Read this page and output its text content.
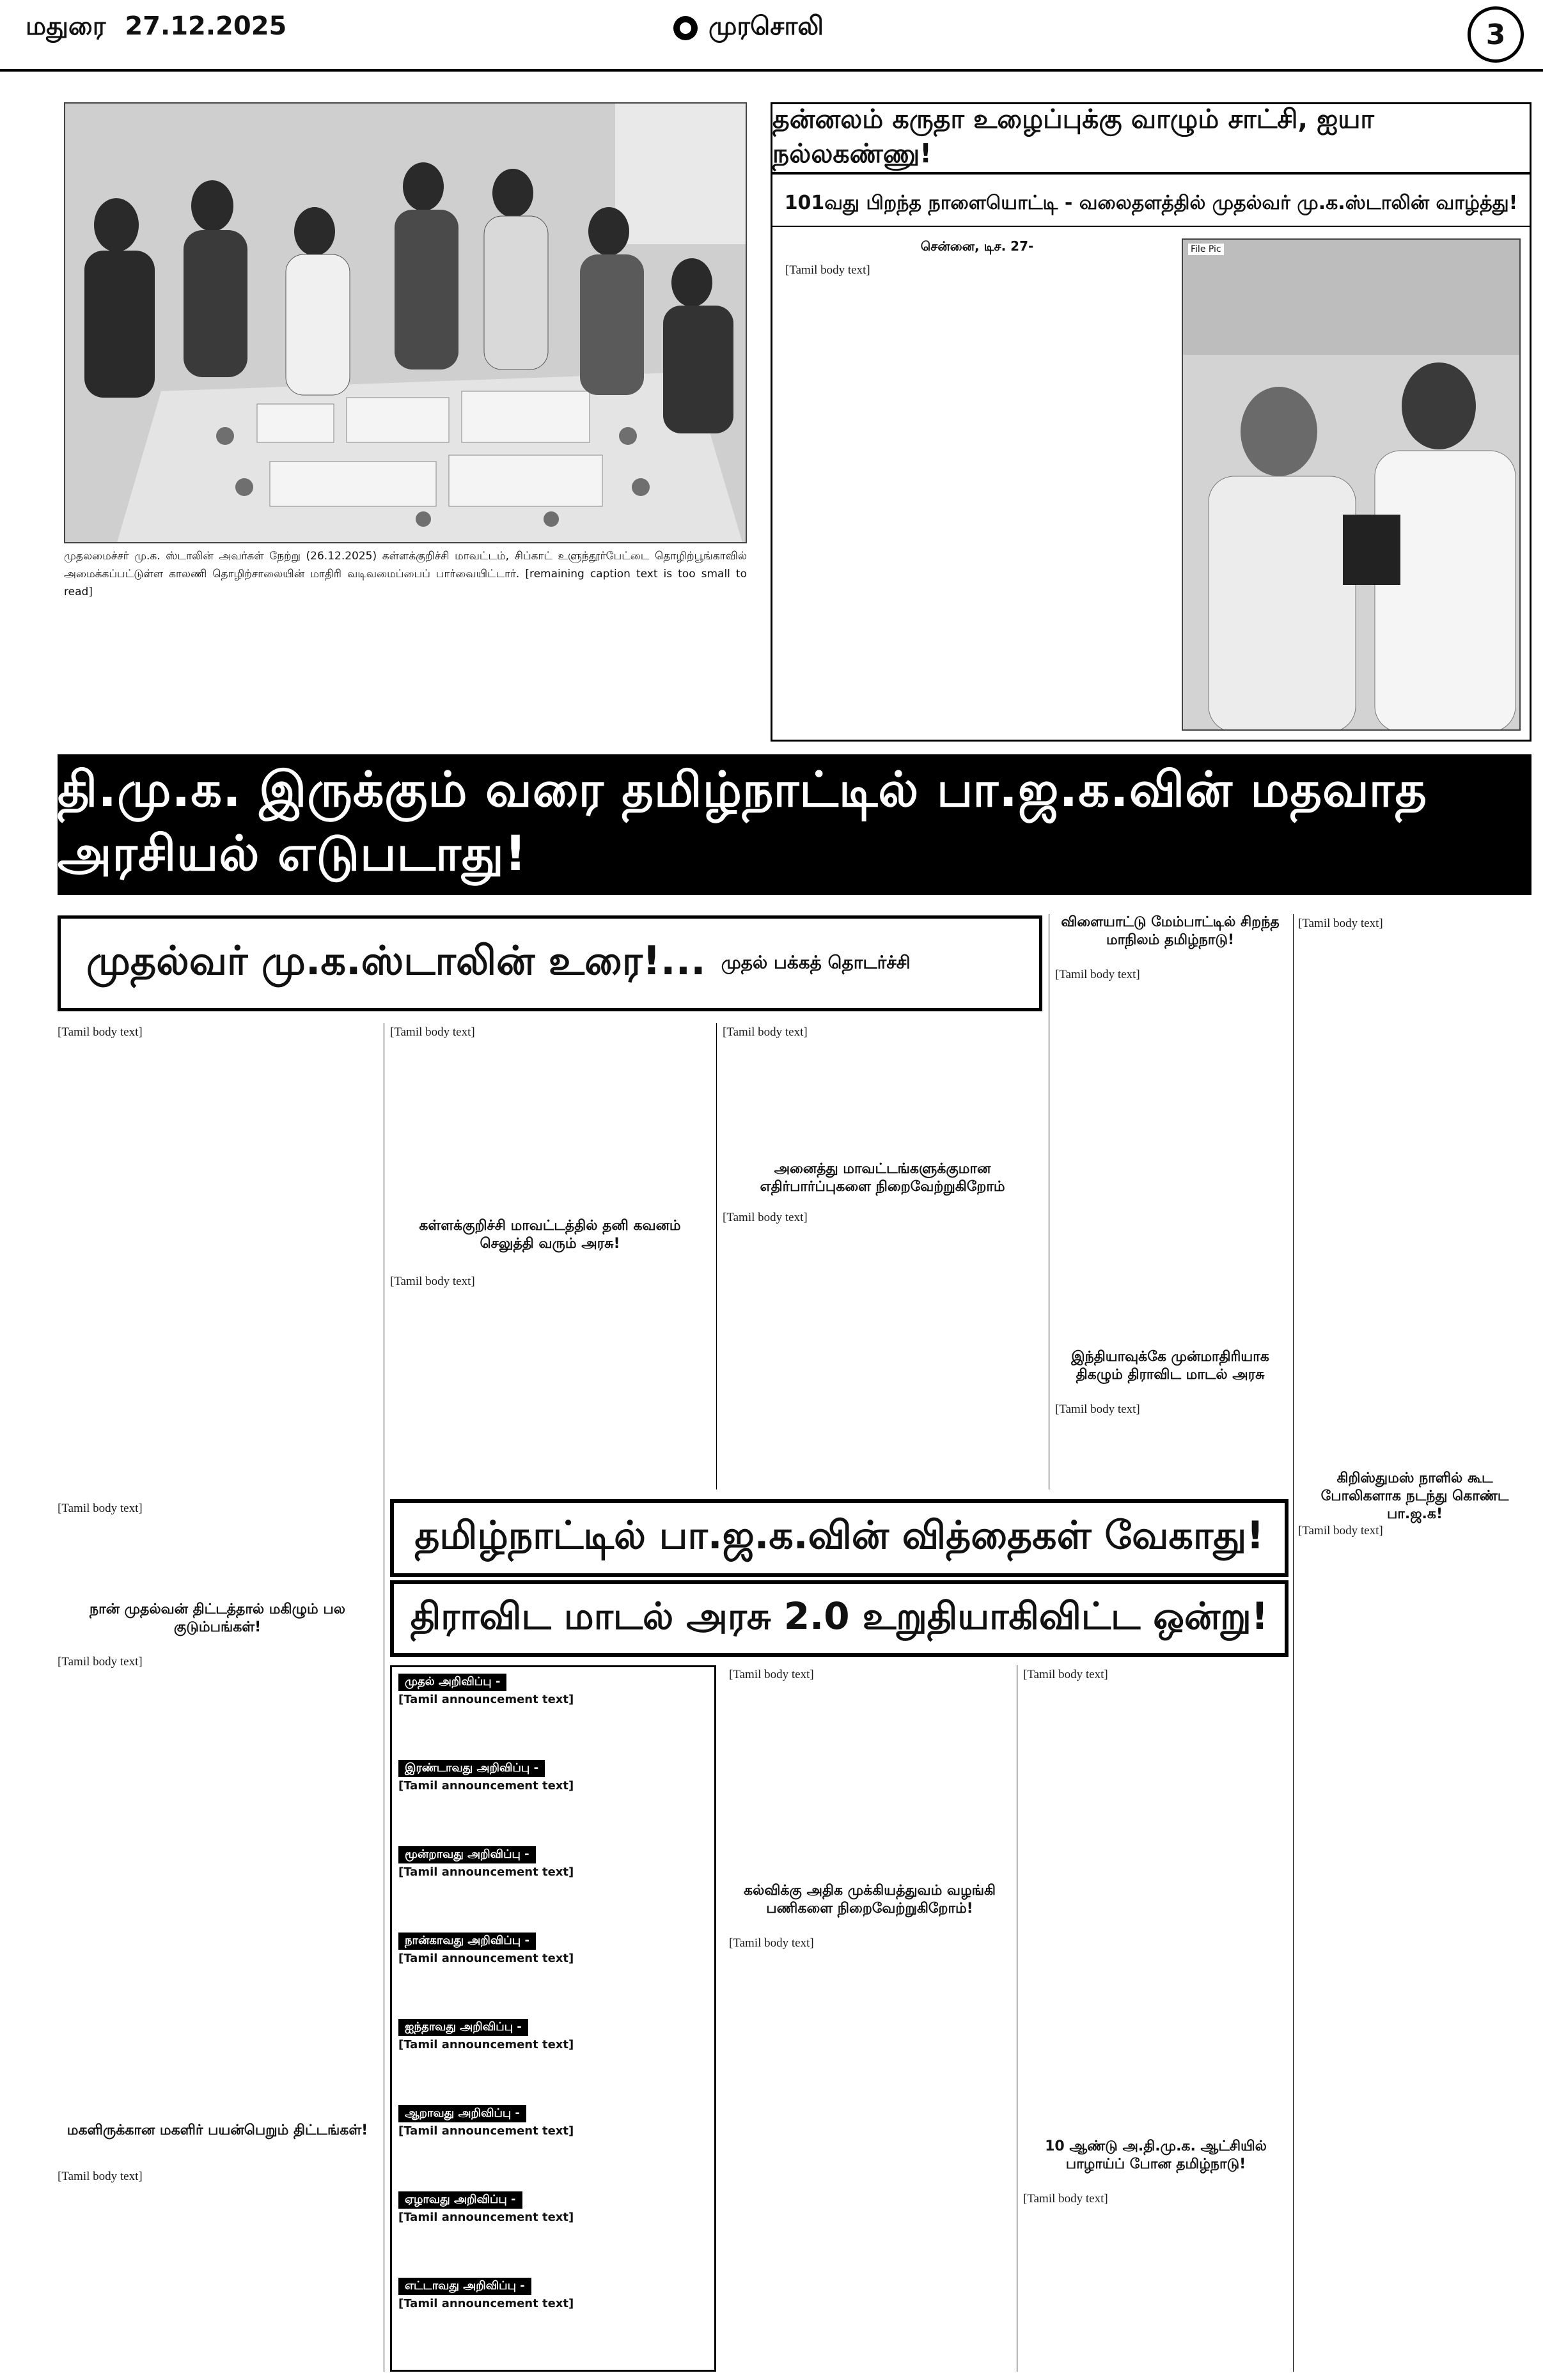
மதுரை 27.12.2025	முரசொலி	3
முதலமைச்சர் மு.க. ஸ்டாலின் அவர்கள் நேற்று (26.12.2025) கள்ளக்குறிச்சி மாவட்டம், சிப்காட் உளுந்தூர்பேட்டை தொழிற்பூங்காவில் அமைக்கப்பட்டுள்ள காலணி தொழிற்சாலையின் மாதிரி வடிவமைப்பைப் பார்வையிட்டார். [remaining caption text is too small to read]
தன்னலம் கருதா உழைப்புக்கு வாழும் சாட்சி, ஐயா நல்லகண்ணு!
101வது பிறந்த நாளையொட்டி - வலைதளத்தில் முதல்வர் மு.க.ஸ்டாலின் வாழ்த்து!
சென்னை, டிச. 27-
[Tamil body text]
File Pic
தி.மு.க. இருக்கும் வரை தமிழ்நாட்டில் பா.ஜ.க.வின் மதவாத அரசியல் எடுபடாது!
முதல்வர் மு.க.ஸ்டாலின் உரை!... முதல் பக்கத் தொடர்ச்சி
[Tamil body text]	[Tamil body text]
கள்ளக்குறிச்சி மாவட்டத்தில் தனி கவனம் செலுத்தி வரும் அரசு!
[Tamil body text]
[Tamil body text]
அனைத்து மாவட்டங்களுக்குமான எதிர்பார்ப்புகளை நிறைவேற்றுகிறோம்
[Tamil body text]
விளையாட்டு மேம்பாட்டில் சிறந்த மாநிலம் தமிழ்நாடு!
[Tamil body text]
இந்தியாவுக்கே முன்மாதிரியாக திகழும் திராவிட மாடல் அரசு
[Tamil body text]
[Tamil body text]
தமிழ்நாட்டில் பா.ஜ.க.வின் வித்தைகள் வேகாது!
திராவிட மாடல் அரசு 2.0 உறுதியாகிவிட்ட ஒன்று!
[Tamil body text]
நான் முதல்வன் திட்டத்தால் மகிழும் பல குடும்பங்கள்!
[Tamil body text]
மகளிருக்கான மகளிர் பயன்பெறும் திட்டங்கள்!
[Tamil body text]
முதல் அறிவிப்பு -
[Tamil announcement text]
இரண்டாவது அறிவிப்பு -
[Tamil announcement text]
மூன்றாவது அறிவிப்பு -
[Tamil announcement text]
நான்காவது அறிவிப்பு -
[Tamil announcement text]
ஐந்தாவது அறிவிப்பு -
[Tamil announcement text]
ஆறாவது அறிவிப்பு -
[Tamil announcement text]
ஏழாவது அறிவிப்பு -
[Tamil announcement text]
எட்டாவது அறிவிப்பு -
[Tamil announcement text]
[Tamil body text]
கல்விக்கு அதிக முக்கியத்துவம் வழங்கி பணிகளை நிறைவேற்றுகிறோம்!
[Tamil body text]
[Tamil body text]
10 ஆண்டு அ.தி.மு.க. ஆட்சியில் பாழாய்ப் போன தமிழ்நாடு!
[Tamil body text]
கிறிஸ்துமஸ் நாளில் கூட போலிகளாக நடந்து கொண்ட பா.ஜ.க!
[Tamil body text]
